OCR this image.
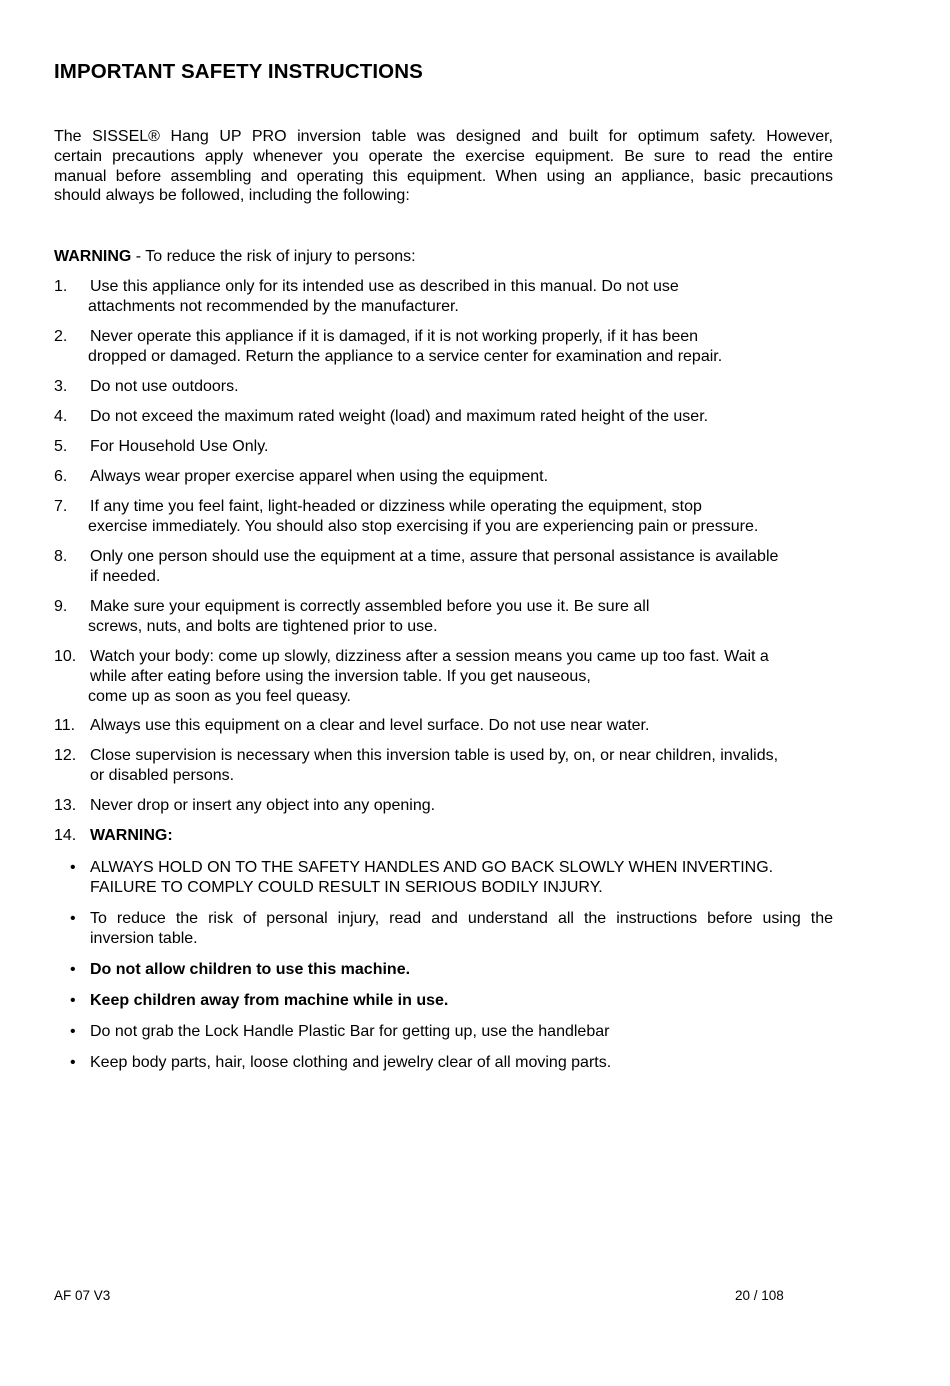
IMPORTANT SAFETY INSTRUCTIONS
The SISSEL® Hang UP PRO inversion table was designed and built for optimum safety. However,
certain precautions apply whenever you operate the exercise equipment. Be sure to read the entire
manual before assembling and operating this equipment. When using an appliance, basic precautions
should always be followed, including the following:
WARNING - To reduce the risk of injury to persons:
1. Use this appliance only for its intended use as described in this manual. Do not use
attachments not recommended by the manufacturer.
2. Never operate this appliance if it is damaged, if it is not working properly, if it has been
dropped or damaged. Return the appliance to a service center for examination and repair.
3. Do not use outdoors.
4. Do not exceed the maximum rated weight (load) and maximum rated height of the user.
5. For Household Use Only.
6. Always wear proper exercise apparel when using the equipment.
7. If any time you feel faint, light-headed or dizziness while operating the equipment, stop
exercise immediately. You should also stop exercising if you are experiencing pain or pressure.
8. Only one person should use the equipment at a time, assure that personal assistance is available
if needed.
9. Make sure your equipment is correctly assembled before you use it. Be sure all
screws, nuts, and bolts are tightened prior to use.
10. Watch your body: come up slowly, dizziness after a session means you came up too fast. Wait a
while after eating before using the inversion table. If you get nauseous,
come up as soon as you feel queasy.
11. Always use this equipment on a clear and level surface. Do not use near water.
12. Close supervision is necessary when this inversion table is used by, on, or near children, invalids,
or disabled persons.
13. Never drop or insert any object into any opening.
14. WARNING:
• ALWAYS HOLD ON TO THE SAFETY HANDLES AND GO BACK SLOWLY WHEN INVERTING.
FAILURE TO COMPLY COULD RESULT IN SERIOUS BODILY INJURY.
• To reduce the risk of personal injury, read and understand all the instructions before using the
inversion table.
• Do not allow children to use this machine.
• Keep children away from machine while in use.
• Do not grab the Lock Handle Plastic Bar for getting up, use the handlebar
• Keep body parts, hair, loose clothing and jewelry clear of all moving parts.
AF 07 V3	20 / 108
